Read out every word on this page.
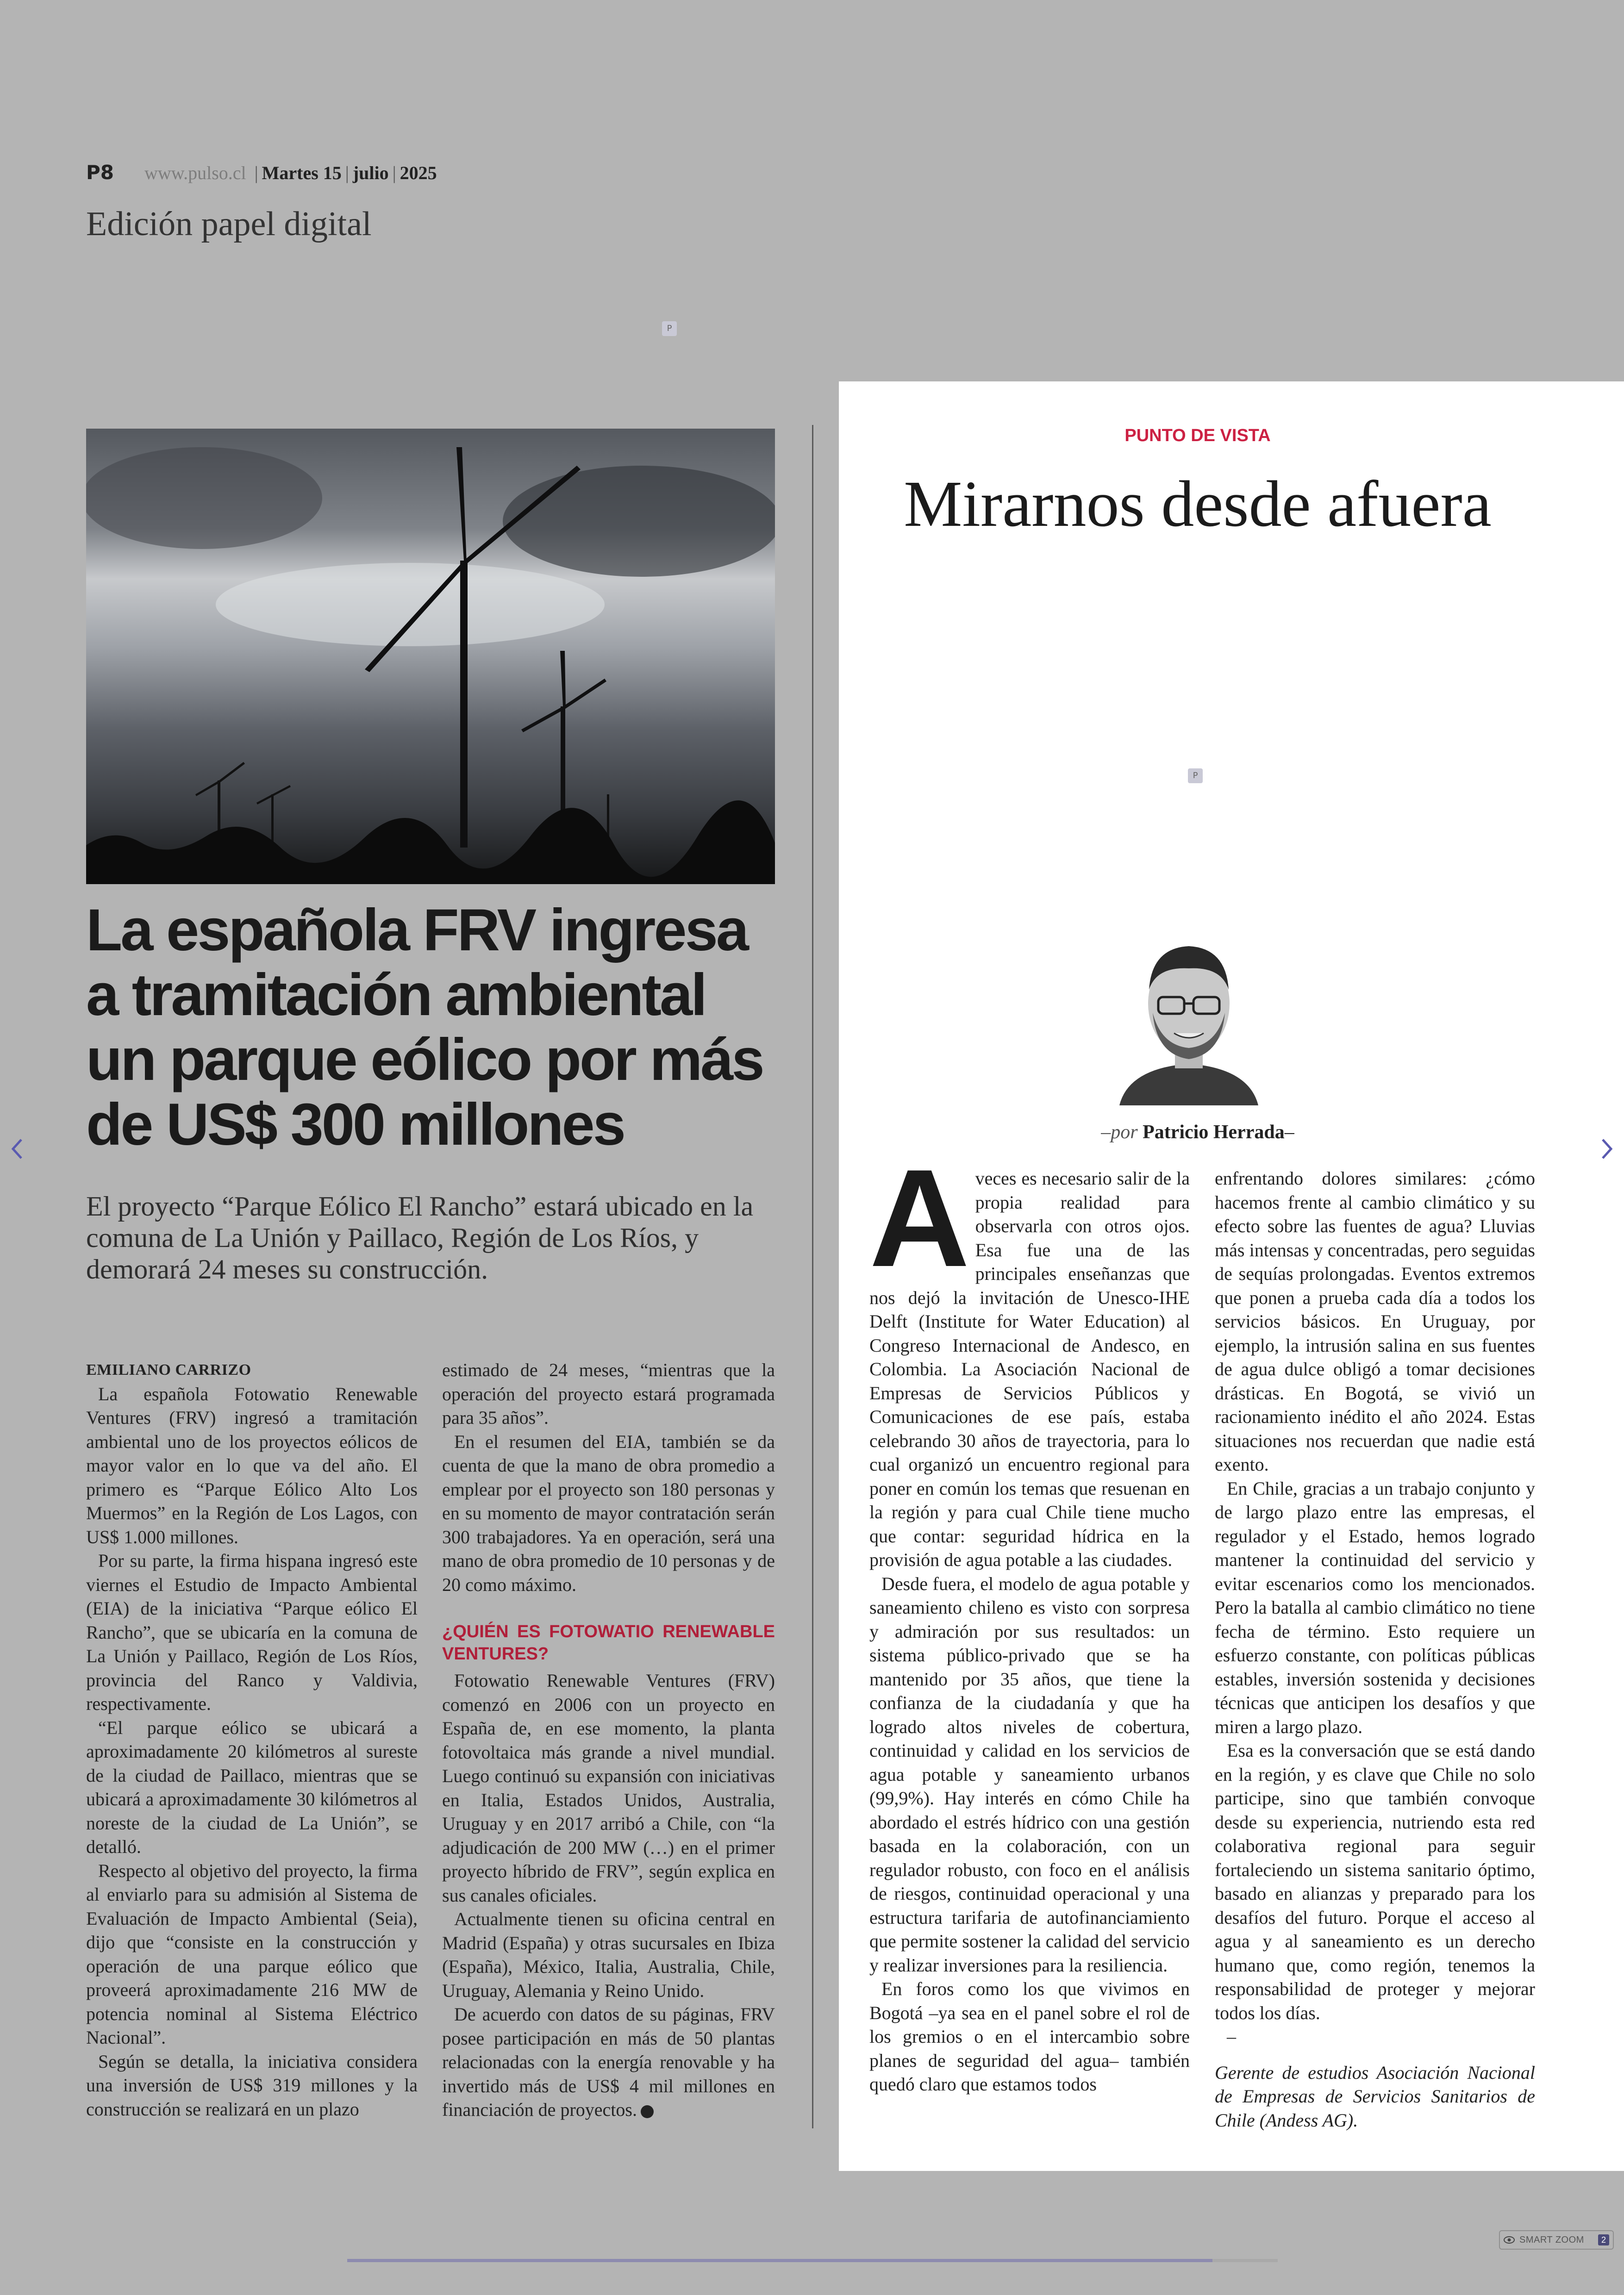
P8 www.pulso.cl | Martes 15 | julio | 2025
Edición papel digital
P
La española FRV ingresa a tramitación ambiental un parque eólico por más de US$ 300 millones
El proyecto “Parque Eólico El Rancho” estará ubicado en la comuna de La Unión y Paillaco, Región de Los Ríos, y demorará 24 meses su construcción.
EMILIANO CARRIZO

La española Fotowatio Renewable Ventures (FRV) ingresó a tramitación ambiental uno de los proyectos eólicos de mayor valor en lo que va del año. El primero es “Parque Eólico Alto Los Muermos” en la Región de Los Lagos, con US$ 1.000 millones.

Por su parte, la firma hispana ingresó este viernes el Estudio de Impacto Ambiental (EIA) de la iniciativa “Parque eólico El Rancho”, que se ubicaría en la comuna de La Unión y Paillaco, Región de Los Ríos, provincia del Ranco y Valdivia, respectivamente.

“El parque eólico se ubicará a aproximadamente 20 kilómetros al sureste de la ciudad de Paillaco, mientras que se ubicará a aproximadamente 30 kilómetros al noreste de la ciudad de La Unión”, se detalló.

Respecto al objetivo del proyecto, la firma al enviarlo para su admisión al Sistema de Evaluación de Impacto Ambiental (Seia), dijo que “consiste en la construcción y operación de una parque eólico que proveerá aproximadamente 216 MW de potencia nominal al Sistema Eléctrico Nacional”.

Según se detalla, la iniciativa considera una inversión de US$ 319 millones y la construcción se realizará en un plazo

estimado de 24 meses, “mientras que la operación del proyecto estará programada para 35 años”.

En el resumen del EIA, también se da cuenta de que la mano de obra promedio a emplear por el proyecto son 180 personas y en su momento de mayor contratación serán 300 trabajadores. Ya en operación, será una mano de obra promedio de 10 personas y de 20 como máximo.

¿QUIÉN ES FOTOWATIO RENEWABLE VENTURES?

Fotowatio Renewable Ventures (FRV) comenzó en 2006 con un proyecto en España de, en ese momento, la planta fotovoltaica más grande a nivel mundial. Luego continuó su expansión con iniciativas en Italia, Estados Unidos, Australia, Uruguay y en 2017 arribó a Chile, con “la adjudicación de 200 MW (…) en el primer proyecto híbrido de FRV”, según explica en sus canales oficiales.

Actualmente tienen su oficina central en Madrid (España) y otras sucursales en Ibiza (España), México, Italia, Australia, Chile, Uruguay, Alemania y Reino Unido.

De acuerdo con datos de su páginas, FRV posee participación en más de 50 plantas relacionadas con la energía renovable y ha invertido más de US$ 4 mil millones en financiación de proyectos.

PUNTO DE VISTA
Mirarnos desde afuera
P
–por Patricio Herrada–
A veces es necesario salir de la propia realidad para observarla con otros ojos. Esa fue una de las principales enseñanzas que nos dejó la invitación de Unesco-IHE Delft (Institute for Water Education) al Congreso Internacional de Andesco, en Colombia. La Asociación Nacional de Empresas de Servicios Públicos y Comunicaciones de ese país, estaba celebrando 30 años de trayectoria, para lo cual organizó un encuentro regional para poner en común los temas que resuenan en la región y para cual Chile tiene mucho que contar: seguridad hídrica en la provisión de agua potable a las ciudades.

Desde fuera, el modelo de agua potable y saneamiento chileno es visto con sorpresa y admiración por sus resultados: un sistema público-privado que se ha mantenido por 35 años, que tiene la confianza de la ciudadanía y que ha logrado altos niveles de cobertura, continuidad y calidad en los servicios de agua potable y saneamiento urbanos (99,9%). Hay interés en cómo Chile ha abordado el estrés hídrico con una gestión basada en la colaboración, con un regulador robusto, con foco en el análisis de riesgos, continuidad operacional y una estructura tarifaria de autofinanciamiento que permite sostener la calidad del servicio y realizar inversiones para la resiliencia.

En foros como los que vivimos en Bogotá –ya sea en el panel sobre el rol de los gremios o en el intercambio sobre planes de seguridad del agua– también quedó claro que estamos todos

enfrentando dolores similares: ¿cómo hacemos frente al cambio climático y su efecto sobre las fuentes de agua? Lluvias más intensas y concentradas, pero seguidas de sequías prolongadas. Eventos extremos que ponen a prueba cada día a todos los servicios básicos. En Uruguay, por ejemplo, la intrusión salina en sus fuentes de agua dulce obligó a tomar decisiones drásticas. En Bogotá, se vivió un racionamiento inédito el año 2024. Estas situaciones nos recuerdan que nadie está exento.

En Chile, gracias a un trabajo conjunto y de largo plazo entre las empresas, el regulador y el Estado, hemos logrado mantener la continuidad del servicio y evitar escenarios como los mencionados. Pero la batalla al cambio climático no tiene fecha de término. Esto requiere un esfuerzo constante, con políticas públicas estables, inversión sostenida y decisiones técnicas que anticipen los desafíos y que miren a largo plazo.

Esa es la conversación que se está dando en la región, y es clave que Chile no solo participe, sino que también convoque desde su experiencia, nutriendo esta red colaborativa regional para seguir fortaleciendo un sistema sanitario óptimo, basado en alianzas y preparado para los desafíos del futuro. Porque el acceso al agua y al saneamiento es un derecho humano que, como región, tenemos la responsabilidad de proteger y mejorar todos los días.

–

Gerente de estudios Asociación Nacional de Empresas de Servicios Sanitarios de Chile (Andess AG).

SMART ZOOM	2
